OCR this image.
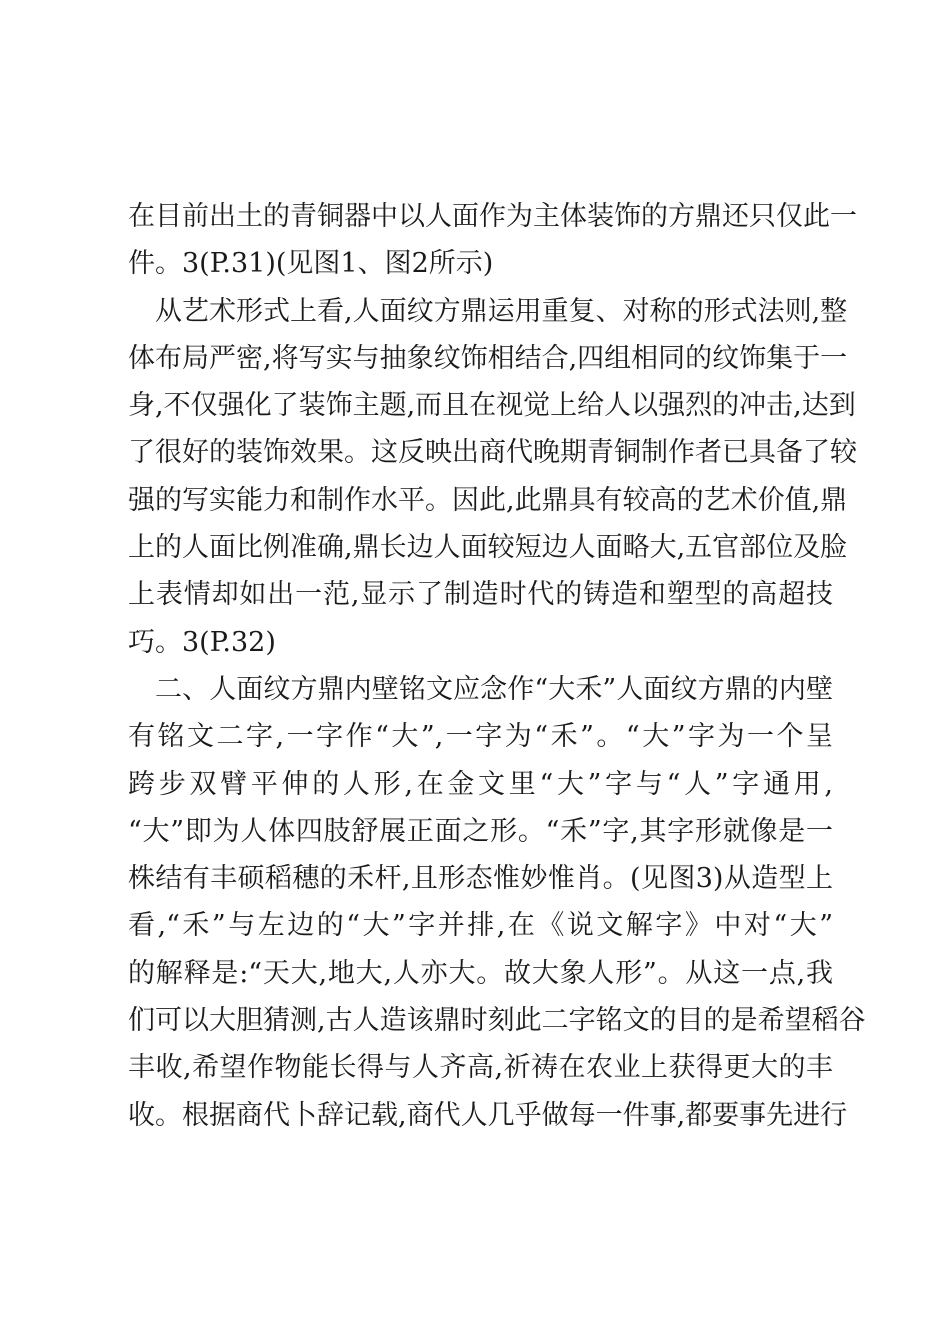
在目前出土的青铜器中以人面作为主体装饰的方鼎还只仅此一
件。3(P.31)(见图1、图2所示)
从艺术形式上看,人面纹方鼎运用重复、对称的形式法则,整
体布局严密,将写实与抽象纹饰相结合,四组相同的纹饰集于一
身,不仅强化了装饰主题,而且在视觉上给人以强烈的冲击,达到
了很好的装饰效果。这反映出商代晚期青铜制作者已具备了较
强的写实能力和制作水平。因此,此鼎具有较高的艺术价值,鼎
上的人面比例准确,鼎长边人面较短边人面略大,五官部位及脸
上表情却如出一范,显示了制造时代的铸造和塑型的高超技
巧。3(P.32)
二、人面纹方鼎内壁铭文应念作“大禾”人面纹方鼎的内壁
有铭文二字,一字作“大”,一字为“禾”。“大”字为一个呈
跨步双臂平伸的人形,在金文里“大”字与“人”字通用,
“大”即为人体四肢舒展正面之形。“禾”字,其字形就像是一
株结有丰硕稻穗的禾杆,且形态惟妙惟肖。(见图3)从造型上
看,“禾”与左边的“大”字并排,在《说文解字》中对“大”
的解释是:“天大,地大,人亦大。故大象人形”。从这一点,我
们可以大胆猜测,古人造该鼎时刻此二字铭文的目的是希望稻谷
丰收,希望作物能长得与人齐高,祈祷在农业上获得更大的丰
收。根据商代卜辞记载,商代人几乎做每一件事,都要事先进行
